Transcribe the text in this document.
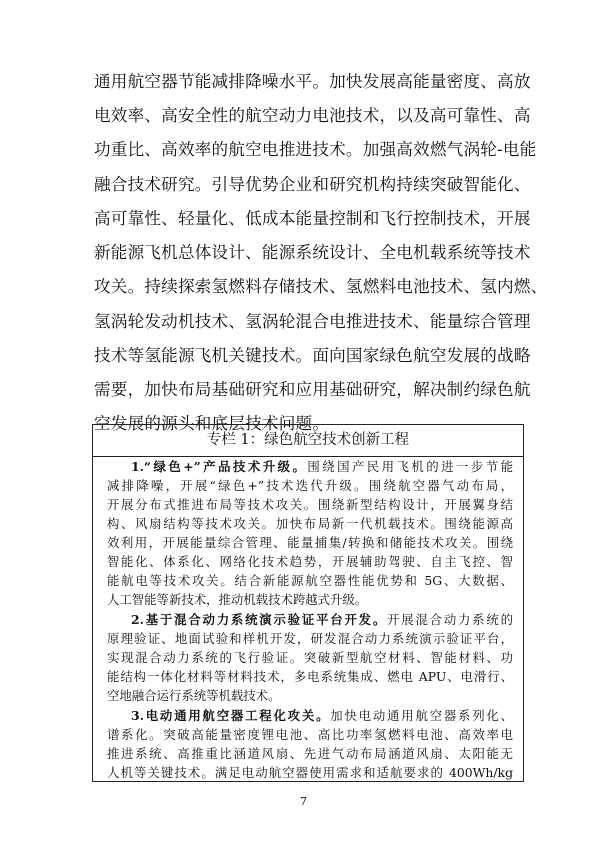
通用航空器节能减排降噪水平。加快发展高能量密度、高放
电效率、高安全性的航空动力电池技术，以及高可靠性、高
功重比、高效率的航空电推进技术。加强高效燃气涡轮-电能
融合技术研究。引导优势企业和研究机构持续突破智能化、
高可靠性、轻量化、低成本能量控制和飞行控制技术，开展
新能源飞机总体设计、能源系统设计、全电机载系统等技术
攻关。持续探索氢燃料存储技术、氢燃料电池技术、氢内燃、
氢涡轮发动机技术、氢涡轮混合电推进技术、能量综合管理
技术等氢能源飞机关键技术。面向国家绿色航空发展的战略
需要，加快布局基础研究和应用基础研究，解决制约绿色航
空发展的源头和底层技术问题。
专栏 1：绿色航空技术创新工程
1.“绿色+”产品技术升级。围绕国产民用飞机的进一步节能
减排降噪，开展“绿色+”技术迭代升级。围绕航空器气动布局，
开展分布式推进布局等技术攻关。围绕新型结构设计，开展翼身结
构、风扇结构等技术攻关。加快布局新一代机载技术。围绕能源高
效利用，开展能量综合管理、能量捕集/转换和储能技术攻关。围绕
智能化、体系化、网络化技术趋势，开展辅助驾驶、自主飞控、智
能航电等技术攻关。结合新能源航空器性能优势和 5G、大数据、
人工智能等新技术，推动机载技术跨越式升级。
2.基于混合动力系统演示验证平台开发。开展混合动力系统的
原理验证、地面试验和样机开发，研发混合动力系统演示验证平台，
实现混合动力系统的飞行验证。突破新型航空材料、智能材料、功
能结构一体化材料等材料技术，多电系统集成、燃电 APU、电滑行、
空地融合运行系统等机载技术。
3.电动通用航空器工程化攻关。加快电动通用航空器系列化、
谱系化。突破高能量密度锂电池、高比功率氢燃料电池、高效率电
推进系统、高推重比涵道风扇、先进气动布局涵道风扇、太阳能无
人机等关键技术。满足电动航空器使用需求和适航要求的 400Wh/kg
7
